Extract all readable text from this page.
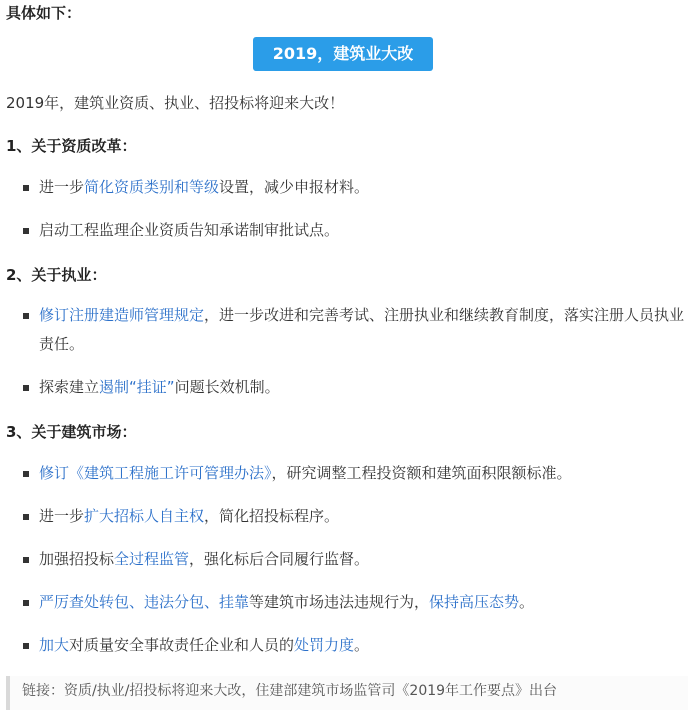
具体如下：
2019，建筑业大改
2019年，建筑业资质、执业、招投标将迎来大改！
1、关于资质改革：
进一步简化资质类别和等级设置，减少申报材料。
启动工程监理企业资质告知承诺制审批试点。
2、关于执业：
修订注册建造师管理规定，进一步改进和完善考试、注册执业和继续教育制度，落实注册人员执业责任。
探索建立遏制“挂证”问题长效机制。
3、关于建筑市场：
修订《建筑工程施工许可管理办法》，研究调整工程投资额和建筑面积限额标准。
进一步扩大招标人自主权，简化招投标程序。
加强招投标全过程监管，强化标后合同履行监督。
严厉查处转包、违法分包、挂靠等建筑市场违法违规行为，保持高压态势。
加大对质量安全事故责任企业和人员的处罚力度。
链接：资质/执业/招投标将迎来大改，住建部建筑市场监管司《2019年工作要点》出台
